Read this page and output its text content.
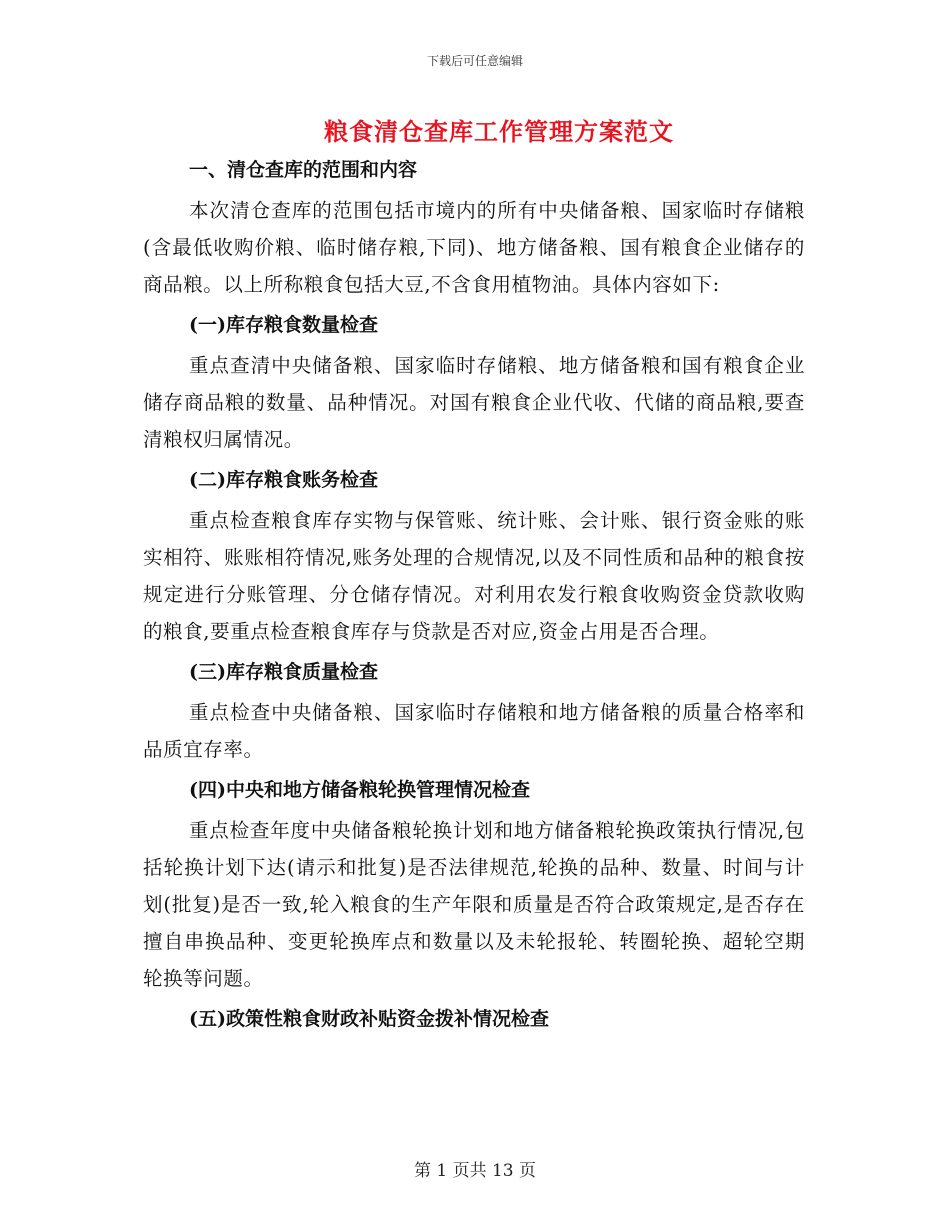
下载后可任意编辑
粮食清仓查库工作管理方案范文
一、清仓查库的范围和内容

本次清仓查库的范围包括市境内的所有中央储备粮、国家临时存储粮(含最低收购价粮、临时储存粮,下同)、地方储备粮、国有粮食企业储存的商品粮。以上所称粮食包括大豆,不含食用植物油。具体内容如下:

(一)库存粮食数量检查

重点查清中央储备粮、国家临时存储粮、地方储备粮和国有粮食企业储存商品粮的数量、品种情况。对国有粮食企业代收、代储的商品粮,要查清粮权归属情况。

(二)库存粮食账务检查

重点检查粮食库存实物与保管账、统计账、会计账、银行资金账的账实相符、账账相符情况,账务处理的合规情况,以及不同性质和品种的粮食按规定进行分账管理、分仓储存情况。对利用农发行粮食收购资金贷款收购的粮食,要重点检查粮食库存与贷款是否对应,资金占用是否合理。

(三)库存粮食质量检查

重点检查中央储备粮、国家临时存储粮和地方储备粮的质量合格率和品质宜存率。

(四)中央和地方储备粮轮换管理情况检查

重点检查年度中央储备粮轮换计划和地方储备粮轮换政策执行情况,包括轮换计划下达(请示和批复)是否法律规范,轮换的品种、数量、时间与计划(批复)是否一致,轮入粮食的生产年限和质量是否符合政策规定,是否存在擅自串换品种、变更轮换库点和数量以及未轮报轮、转圈轮换、超轮空期轮换等问题。

(五)政策性粮食财政补贴资金拨补情况检查
第 1 页共 13 页
